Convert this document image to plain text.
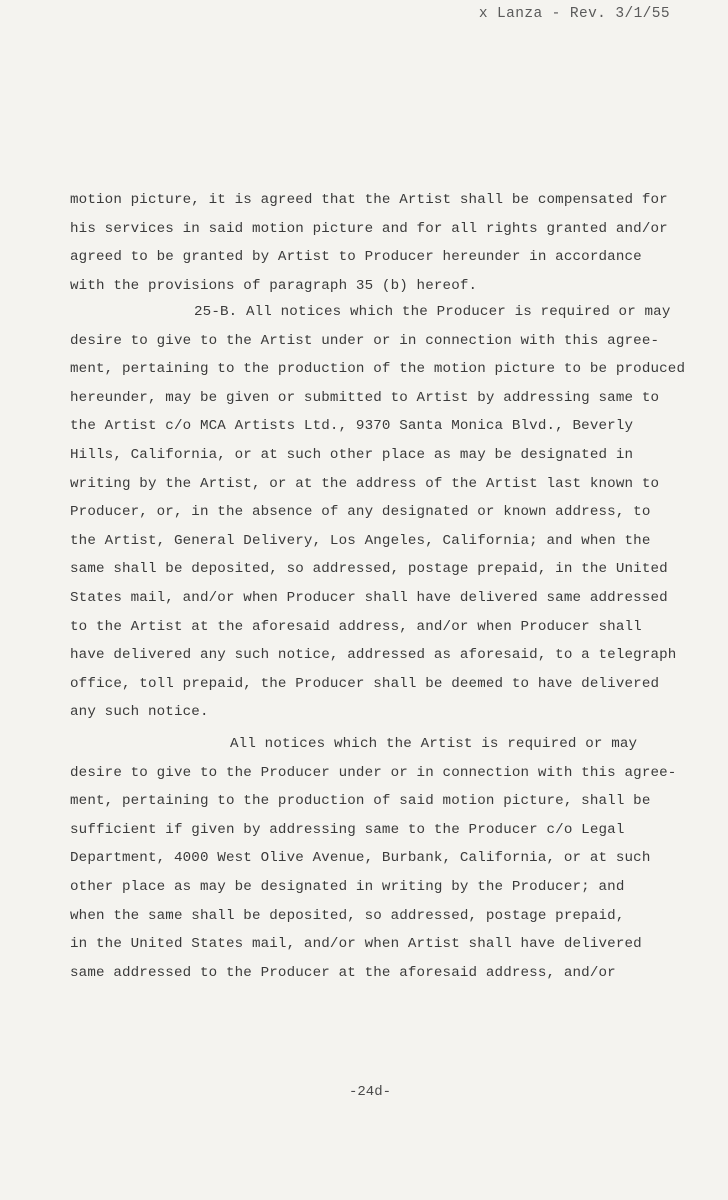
x Lanza - Rev. 3/1/55
motion picture, it is agreed that the Artist shall be compensated for
his services in said motion picture and for all rights granted and/or
agreed to be granted by Artist to Producer hereunder in accordance
with the provisions of paragraph 35 (b) hereof.
25-B. All notices which the Producer is required or may
desire to give to the Artist under or in connection with this agree-
ment, pertaining to the production of the motion picture to be produced
hereunder, may be given or submitted to Artist by addressing same to
the Artist c/o MCA Artists Ltd., 9370 Santa Monica Blvd., Beverly
Hills, California, or at such other place as may be designated in
writing by the Artist, or at the address of the Artist last known to
Producer, or, in the absence of any designated or known address, to
the Artist, General Delivery, Los Angeles, California; and when the
same shall be deposited, so addressed, postage prepaid, in the United
States mail, and/or when Producer shall have delivered same addressed
to the Artist at the aforesaid address, and/or when Producer shall
have delivered any such notice, addressed as aforesaid, to a telegraph
office, toll prepaid, the Producer shall be deemed to have delivered
any such notice.
All notices which the Artist is required or may
desire to give to the Producer under or in connection with this agree-
ment, pertaining to the production of said motion picture, shall be
sufficient if given by addressing same to the Producer c/o Legal
Department, 4000 West Olive Avenue, Burbank, California, or at such
other place as may be designated in writing by the Producer; and
when the same shall be deposited, so addressed, postage prepaid,
in the United States mail, and/or when Artist shall have delivered
same addressed to the Producer at the aforesaid address, and/or
-24d-
